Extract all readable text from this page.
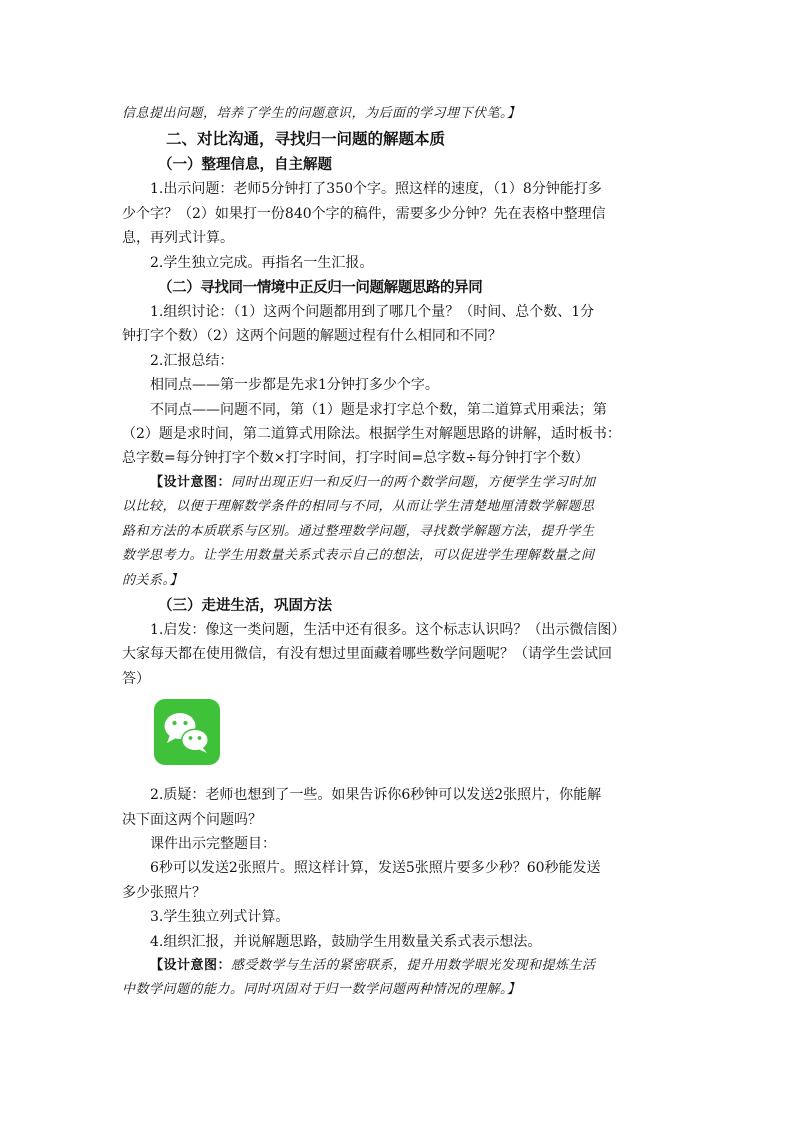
信息提出问题，培养了学生的问题意识，为后面的学习埋下伏笔。】
二、对比沟通，寻找归一问题的解题本质
（一）整理信息，自主解题
1.出示问题：老师5分钟打了350个字。照这样的速度，（1）8分钟能打多
少个字？（2）如果打一份840个字的稿件，需要多少分钟？先在表格中整理信
息，再列式计算。
2.学生独立完成。再指名一生汇报。
（二）寻找同一情境中正反归一问题解题思路的异同
1.组织讨论：（1）这两个问题都用到了哪几个量？（时间、总个数、1分
钟打字个数）（2）这两个问题的解题过程有什么相同和不同？
2.汇报总结：
相同点——第一步都是先求1分钟打多少个字。
不同点——问题不同，第（1）题是求打字总个数，第二道算式用乘法；第
（2）题是求时间，第二道算式用除法。根据学生对解题思路的讲解，适时板书：
总字数=每分钟打字个数×打字时间，打字时间=总字数÷每分钟打字个数）
【设计意图：同时出现正归一和反归一的两个数学问题，方便学生学习时加
以比较，以便于理解数学条件的相同与不同，从而让学生清楚地厘清数学解题思
路和方法的本质联系与区别。通过整理数学问题，寻找数学解题方法，提升学生
数学思考力。让学生用数量关系式表示自己的想法，可以促进学生理解数量之间
的关系。】
（三）走进生活，巩固方法
1.启发：像这一类问题，生活中还有很多。这个标志认识吗？（出示微信图）
大家每天都在使用微信，有没有想过里面藏着哪些数学问题呢？（请学生尝试回
答）
2.质疑：老师也想到了一些。如果告诉你6秒钟可以发送2张照片，你能解
决下面这两个问题吗？
课件出示完整题目：
6秒可以发送2张照片。照这样计算，发送5张照片要多少秒？60秒能发送
多少张照片？
3.学生独立列式计算。
4.组织汇报，并说解题思路，鼓励学生用数量关系式表示想法。
【设计意图：感受数学与生活的紧密联系，提升用数学眼光发现和提炼生活
中数学问题的能力。同时巩固对于归一数学问题两种情况的理解。】
